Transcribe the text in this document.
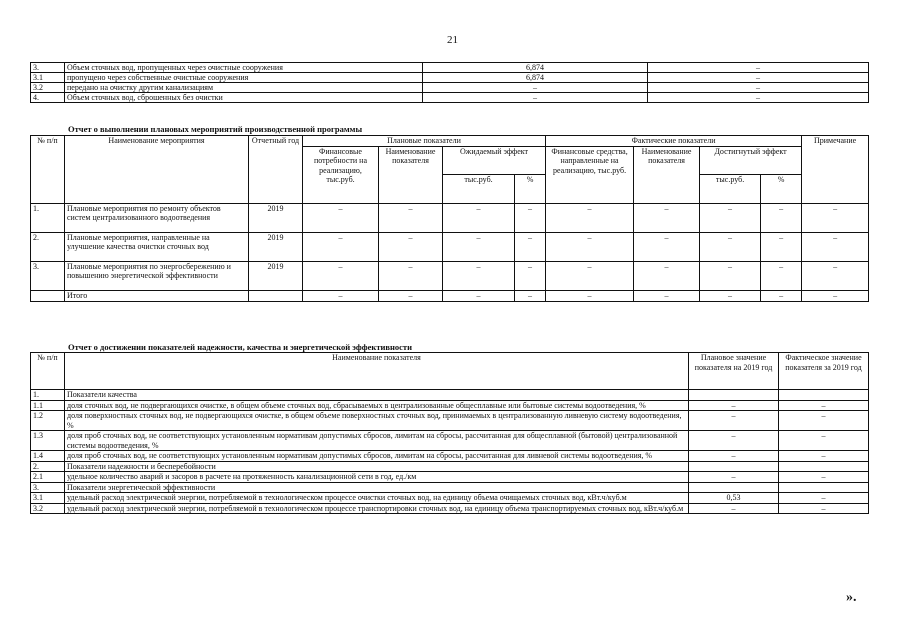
21
3.	Объем сточных вод, пропущенных через очистные сооружения	6,874	–
3.1	пропущено через собственные очистные сооружения	6,874	–
3.2	передано на очистку другим канализациям	–	–
4.	Объем сточных вод, сброшенных без очистки	–	–
Отчет о выполнении плановых мероприятий производственной программы
№ п/п	Наименование мероприятия	Отчетный год	Плановые показатели				Фактические показатели				Примечание
			Финансовые потребности на реализацию, тыс.руб.	Наименование показателя	Ожидаемый эффект		Финансовые средства, направленные на реализацию, тыс.руб.	Наименование показателя	Достигнутый эффект		
					тыс.руб.	%			тыс.руб.	%	
1.	Плановые мероприятия по ремонту объектов систем централизованного водоотведения	2019	–	–	–	–	–	–	–	–	–
2.	Плановые мероприятия, направленные на улучшение качества очистки сточных вод	2019	–	–	–	–	–	–	–	–	–
3.	Плановые мероприятия по энергосбережению и повышению энергетической эффективности	2019	–	–	–	–	–	–	–	–	–
	Итого		–	–	–	–	–	–	–	–	–
Отчет о достижении показателей надежности, качества и энергетической эффективности
№ п/п	Наименование показателя	Плановое значение показателя на 2019 год	Фактическое значение показателя за 2019 год
1.	Показатели качества		
1.1	доля сточных вод, не подвергающихся очистке, в общем объеме сточных вод, сбрасываемых в централизованные общесплавные или бытовые системы водоотведения, %	–	–
1.2	доля поверхностных сточных вод, не подвергающихся очистке, в общем объеме поверхностных сточных вод, принимаемых в централизованную ливневую систему водоотведения, %	–	–
1.3	доля проб сточных вод, не соответствующих установленным нормативам допустимых сбросов, лимитам на сбросы, рассчитанная для общесплавной (бытовой) централизованной системы водоотведения, %	–	–
1.4	доля проб сточных вод, не соответствующих установленным нормативам допустимых сбросов, лимитам на сбросы, рассчитанная для ливневой системы водоотведения, %	–	–
2.	Показатели надежности и бесперебойности		
2.1	удельное количество аварий и засоров в расчете на протяженность канализационной сети в год, ед./км	–	–
3.	Показатели энергетической эффективности		
3.1	удельный расход электрической энергии, потребляемой в технологическом процессе очистки сточных вод, на единицу объема очищаемых сточных вод, кВт.ч/куб.м	0,53	–
3.2	удельный расход электрической энергии, потребляемой в технологическом процессе транспортировки сточных вод, на единицу объема транспортируемых сточных вод, кВт.ч/куб.м	–	–
».
